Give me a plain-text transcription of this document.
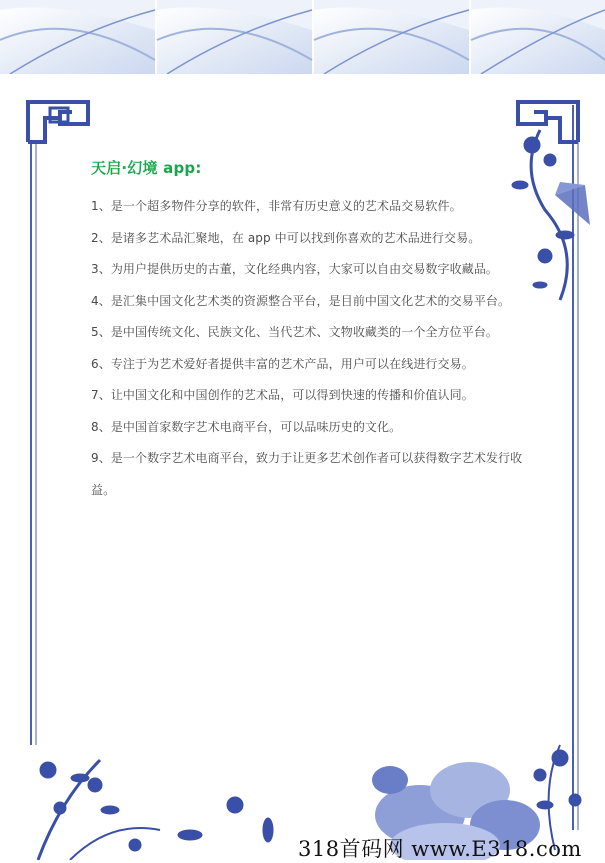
天启·幻境 app:
1、是一个超多物件分享的软件，非常有历史意义的艺术品交易软件。
2、是诸多艺术品汇聚地，在 app 中可以找到你喜欢的艺术品进行交易。
3、为用户提供历史的古董，文化经典内容，大家可以自由交易数字收藏品。
4、是汇集中国文化艺术类的资源整合平台，是目前中国文化艺术的交易平台。
5、是中国传统文化、民族文化、当代艺术、文物收藏类的一个全方位平台。
6、专注于为艺术爱好者提供丰富的艺术产品，用户可以在线进行交易。
7、让中国文化和中国创作的艺术品，可以得到快速的传播和价值认同。
8、是中国首家数字艺术电商平台，可以品味历史的文化。
9、是一个数字艺术电商平台，致力于让更多艺术创作者可以获得数字艺术发行收益。
318首码网 www.E318.com
